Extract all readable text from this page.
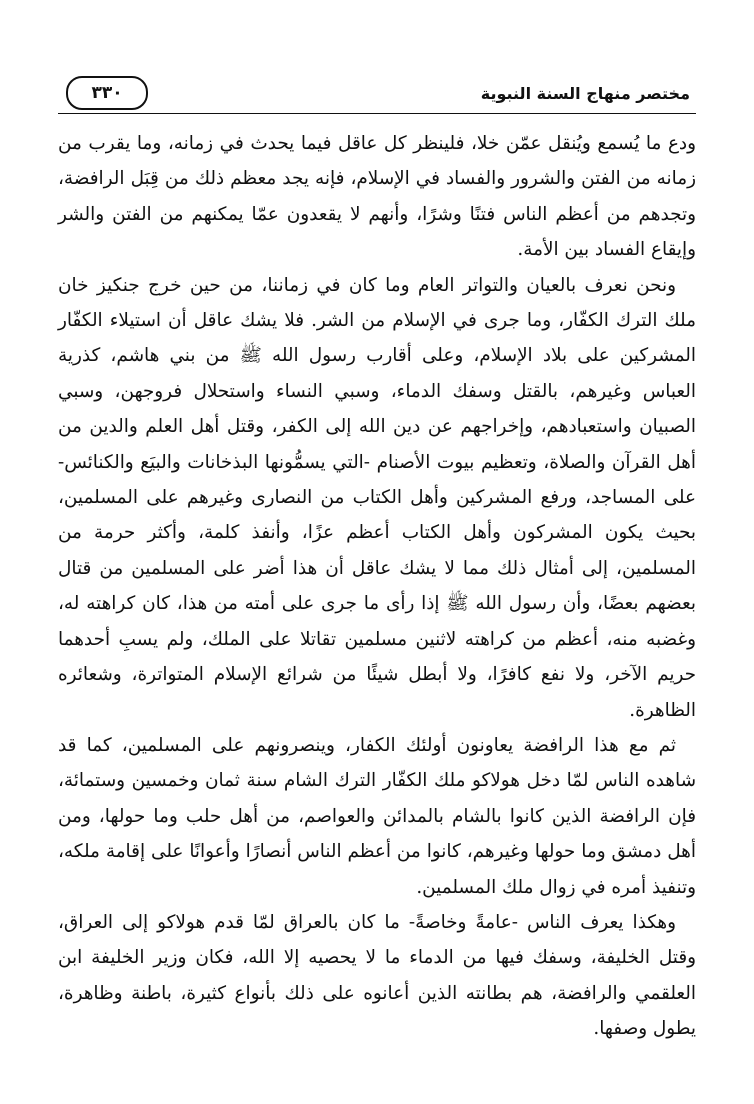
مختصر منهاج السنة النبوية
٣٣٠

ودع ما يُسمع ويُنقل عمّن خلا، فلينظر كل عاقل فيما يحدث في زمانه، وما يقرب من زمانه من الفتن والشرور والفساد في الإسلام، فإنه يجد معظم ذلك من قِبَل الرافضة، وتجدهم من أعظم الناس فتنًا وشرًا، وأنهم لا يقعدون عمّا يمكنهم من الفتن والشر وإيقاع الفساد بين الأمة.

ونحن نعرف بالعيان والتواتر العام وما كان في زماننا، من حين خرج جنكيز خان ملك الترك الكفّار، وما جرى في الإسلام من الشر. فلا يشك عاقل أن استيلاء الكفّار المشركين على بلاد الإسلام، وعلى أقارب رسول الله ﷺ من بني هاشم، كذرية العباس وغيرهم، بالقتل وسفك الدماء، وسبي النساء واستحلال فروجهن، وسبي الصبيان واستعبادهم، وإخراجهم عن دين الله إلى الكفر، وقتل أهل العلم والدين من أهل القرآن والصلاة، وتعظيم بيوت الأصنام -التي يسمُّونها البذخانات والبيَع والكنائس- على المساجد، ورفع المشركين وأهل الكتاب من النصارى وغيرهم على المسلمين، بحيث يكون المشركون وأهل الكتاب أعظم عزًا، وأنفذ كلمة، وأكثر حرمة من المسلمين، إلى أمثال ذلك مما لا يشك عاقل أن هذا أضر على المسلمين من قتال بعضهم بعضًا، وأن رسول الله ﷺ إذا رأى ما جرى على أمته من هذا، كان كراهته له، وغضبه منه، أعظم من كراهته لاثنين مسلمين تقاتلا على الملك، ولم يسبِ أحدهما حريم الآخر، ولا نفع كافرًا، ولا أبطل شيئًا من شرائع الإسلام المتواترة، وشعائره الظاهرة.

ثم مع هذا الرافضة يعاونون أولئك الكفار، وينصرونهم على المسلمين، كما قد شاهده الناس لمّا دخل هولاكو ملك الكفّار الترك الشام سنة ثمان وخمسين وستمائة، فإن الرافضة الذين كانوا بالشام بالمدائن والعواصم، من أهل حلب وما حولها، ومن أهل دمشق وما حولها وغيرهم، كانوا من أعظم الناس أنصارًا وأعوانًا على إقامة ملكه، وتنفيذ أمره في زوال ملك المسلمين.

وهكذا يعرف الناس -عامةً وخاصةً- ما كان بالعراق لمّا قدم هولاكو إلى العراق، وقتل الخليفة، وسفك فيها من الدماء ما لا يحصيه إلا الله، فكان وزير الخليفة ابن العلقمي والرافضة، هم بطانته الذين أعانوه على ذلك بأنواع كثيرة، باطنة وظاهرة، يطول وصفها.
